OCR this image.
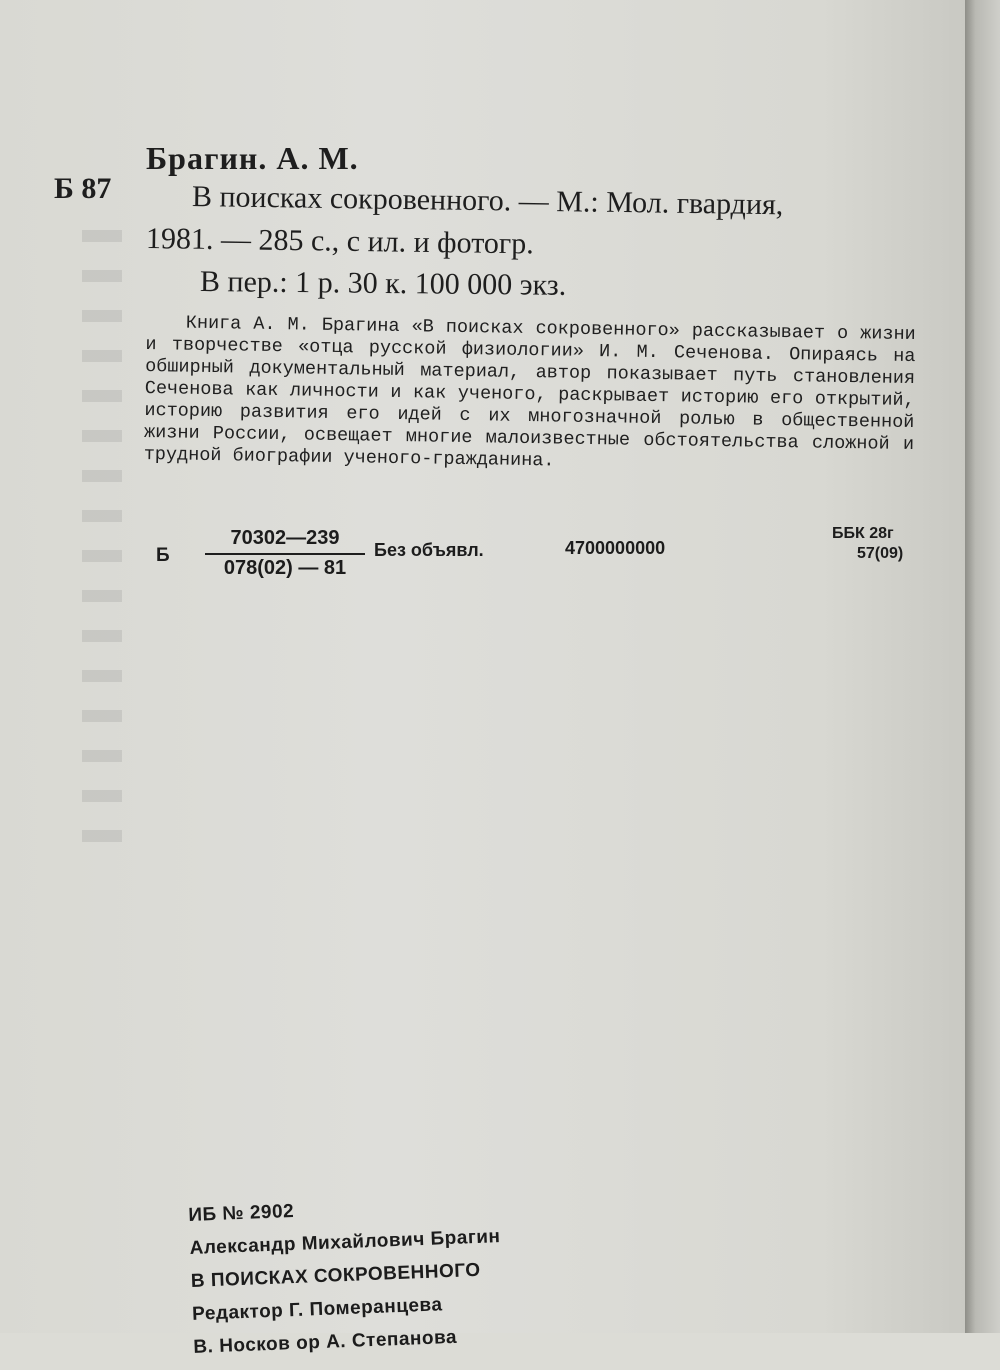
Б 87
Брагин. А. М.
В поисках сокровенного. — М.: Мол. гвардия,
1981. — 285 с., с ил. и фотогр.
В пер.: 1 р. 30 к. 100 000 экз.

Книга А. М. Брагина «В поисках сокровенного» рассказывает о жизни и творчестве «отца русской физиологии» И. М. Сеченова. Опираясь на обширный документальный материал, автор показывает путь становления Сеченова как личности и как ученого, раскрывает историю его открытий, историю развития его идей с их многозначной ролью в общественной жизни России, освещает многие малоизвестные обстоятельства сложной и трудной биографии ученого-гражданина.

Б $\frac{70302—239}{078(02) — 81}$ Без объявл.	4700000000
ББК 28г
57(09)
ИБ № 2902
Александр Михайлович Брагин
В ПОИСКАХ СОКРОВЕННОГО
Редактор Г. Померанцева
В. Носков ор А. Степанова
